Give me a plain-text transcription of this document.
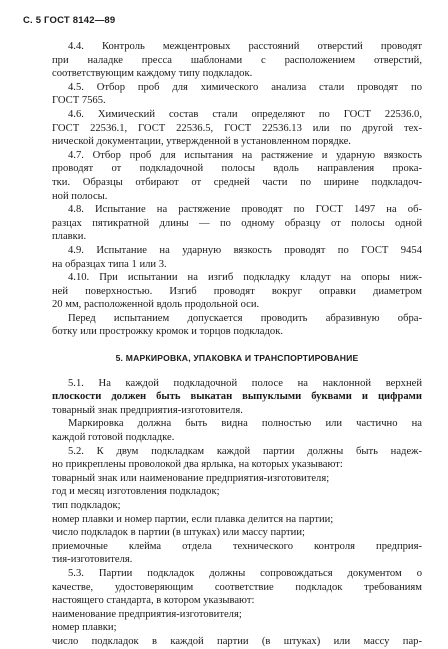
С. 5 ГОСТ 8142—89
4.4. Контроль межцентровых расстояний отверстий проводят
при наладке пресса шаблонами с расположением отверстий,
соответствующим каждому типу подкладок.
4.5. Отбор проб для химического анализа стали проводят по
ГОСТ 7565.
4.6. Химический состав стали определяют по ГОСТ 22536.0,
ГОСТ 22536.1, ГОСТ 22536.5, ГОСТ 22536.13 или по другой тех-
нической документации, утвержденной в установленном порядке.
4.7. Отбор проб для испытания на растяжение и ударную вязкость
проводят от подкладочной полосы вдоль направления прока-
тки. Образцы отбирают от средней части по ширине подкладоч-
ной полосы.
4.8. Испытание на растяжение проводят по ГОСТ 1497 на об-
разцах пятикратной длины — по одному образцу от полосы одной
плавки.
4.9. Испытание на ударную вязкость проводят по ГОСТ 9454
на образцах типа 1 или 3.
4.10. При испытании на изгиб подкладку кладут на опоры ниж-
ней поверхностью. Изгиб проводят вокруг оправки диаметром
20 мм, расположенной вдоль продольной оси.
Перед испытанием допускается проводить абразивную обра-
ботку или прострожку кромок и торцов подкладок.
5. МАРКИРОВКА, УПАКОВКА И ТРАНСПОРТИРОВАНИЕ
5.1. На каждой подкладочной полосе на наклонной верхней
плоскости должен быть выкатан выпуклыми буквами и цифрами
товарный знак предприятия-изготовителя.
Маркировка должна быть видна полностью или частично на
каждой готовой подкладке.
5.2. К двум подкладкам каждой партии должны быть надеж-
но прикреплены проволокой два ярлыка, на которых указывают:
товарный знак или наименование предприятия-изготовителя;
год и месяц изготовления подкладок;
тип подкладок;
номер плавки и номер партии, если плавка делится на партии;
число подкладок в партии (в штуках) или массу партии;
приемочные клейма отдела технического контроля предприя-
тия-изготовителя.
5.3. Партии подкладок должны сопровождаться документом о
качестве, удостоверяющим соответствие подкладок требованиям
настоящего стандарта, в котором указывают:
наименование предприятия-изготовителя;
номер плавки;
число подкладок в каждой партии (в штуках) или массу пар-
